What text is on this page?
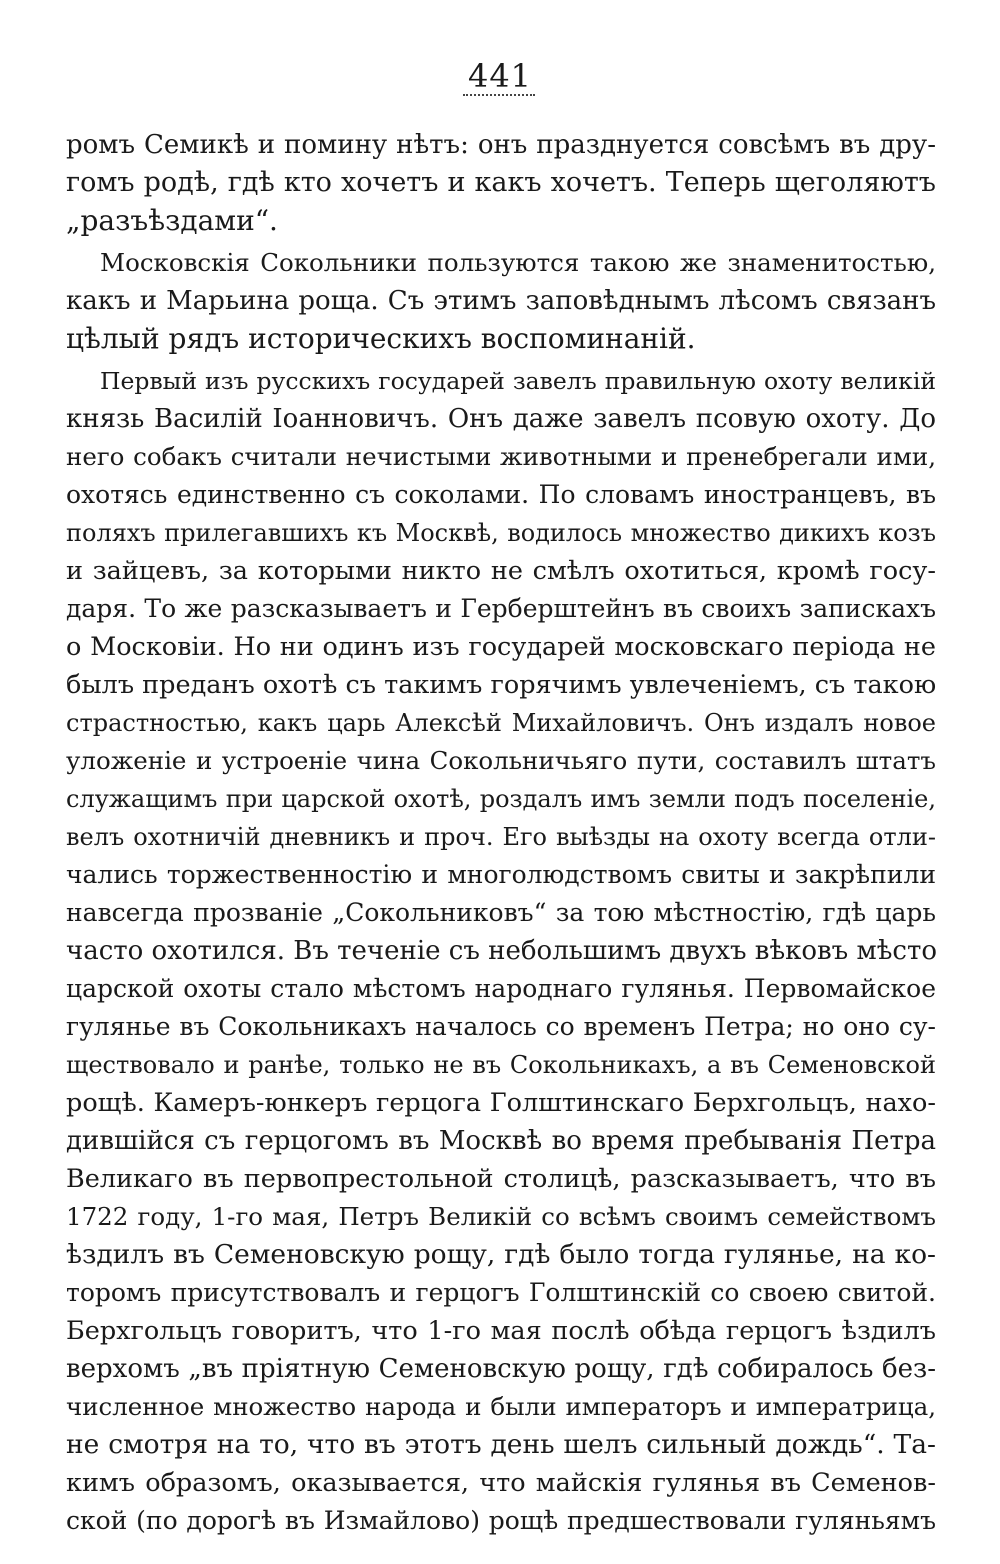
441
ромъ Семикѣ и помину нѣтъ: онъ празднуется совсѣмъ въ дру-
гомъ родѣ, гдѣ кто хочетъ и какъ хочетъ. Теперь щеголяютъ
„разъѣздами“.
Московскія Сокольники пользуются такою же знаменитостью,
какъ и Марьина роща. Съ этимъ заповѣднымъ лѣсомъ связанъ
цѣлый рядъ историческихъ воспоминаній.
Первый изъ русскихъ государей завелъ правильную охоту великій
князь Василій Іоанновичъ. Онъ даже завелъ псовую охоту. До
него собакъ считали нечистыми животными и пренебрегали ими,
охотясь единственно съ соколами. По словамъ иностранцевъ, въ
поляхъ прилегавшихъ къ Москвѣ, водилось множество дикихъ козъ
и зайцевъ, за которыми никто не смѣлъ охотиться, кромѣ госу-
даря. То же разсказываетъ и Герберштейнъ въ своихъ запискахъ
о Московіи. Но ни одинъ изъ государей московскаго періода не
былъ преданъ охотѣ съ такимъ горячимъ увлеченіемъ, съ такою
страстностью, какъ царь Алексѣй Михайловичъ. Онъ издалъ новое
уложеніе и устроеніе чина Сокольничьяго пути, составилъ штатъ
служащимъ при царской охотѣ, роздалъ имъ земли подъ поселеніе,
велъ охотничій дневникъ и проч. Его выѣзды на охоту всегда отли-
чались торжественностію и многолюдствомъ свиты и закрѣпили
навсегда прозваніе „Сокольниковъ“ за тою мѣстностію, гдѣ царь
часто охотился. Въ теченіе съ небольшимъ двухъ вѣковъ мѣсто
царской охоты стало мѣстомъ народнаго гулянья. Первомайское
гулянье въ Сокольникахъ началось со временъ Петра; но оно су-
ществовало и ранѣе, только не въ Сокольникахъ, а въ Семеновской
рощѣ. Камеръ-юнкеръ герцога Голштинскаго Берхгольцъ, нахо-
дившійся съ герцогомъ въ Москвѣ во время пребыванія Петра
Великаго въ первопрестольной столицѣ, разсказываетъ, что въ
1722 году, 1-го мая, Петръ Великій со всѣмъ своимъ семействомъ
ѣздилъ въ Семеновскую рощу, гдѣ было тогда гулянье, на ко-
торомъ присутствовалъ и герцогъ Голштинскій со своею свитой.
Берхгольцъ говоритъ, что 1-го мая послѣ обѣда герцогъ ѣздилъ
верхомъ „въ пріятную Семеновскую рощу, гдѣ собиралось без-
численное множество народа и были императоръ и императрица,
не смотря на то, что въ этотъ день шелъ сильный дождь“. Та-
кимъ образомъ, оказывается, что майскія гулянья въ Семенов-
ской (по дорогѣ въ Измайлово) рощѣ предшествовали гуляньямъ
